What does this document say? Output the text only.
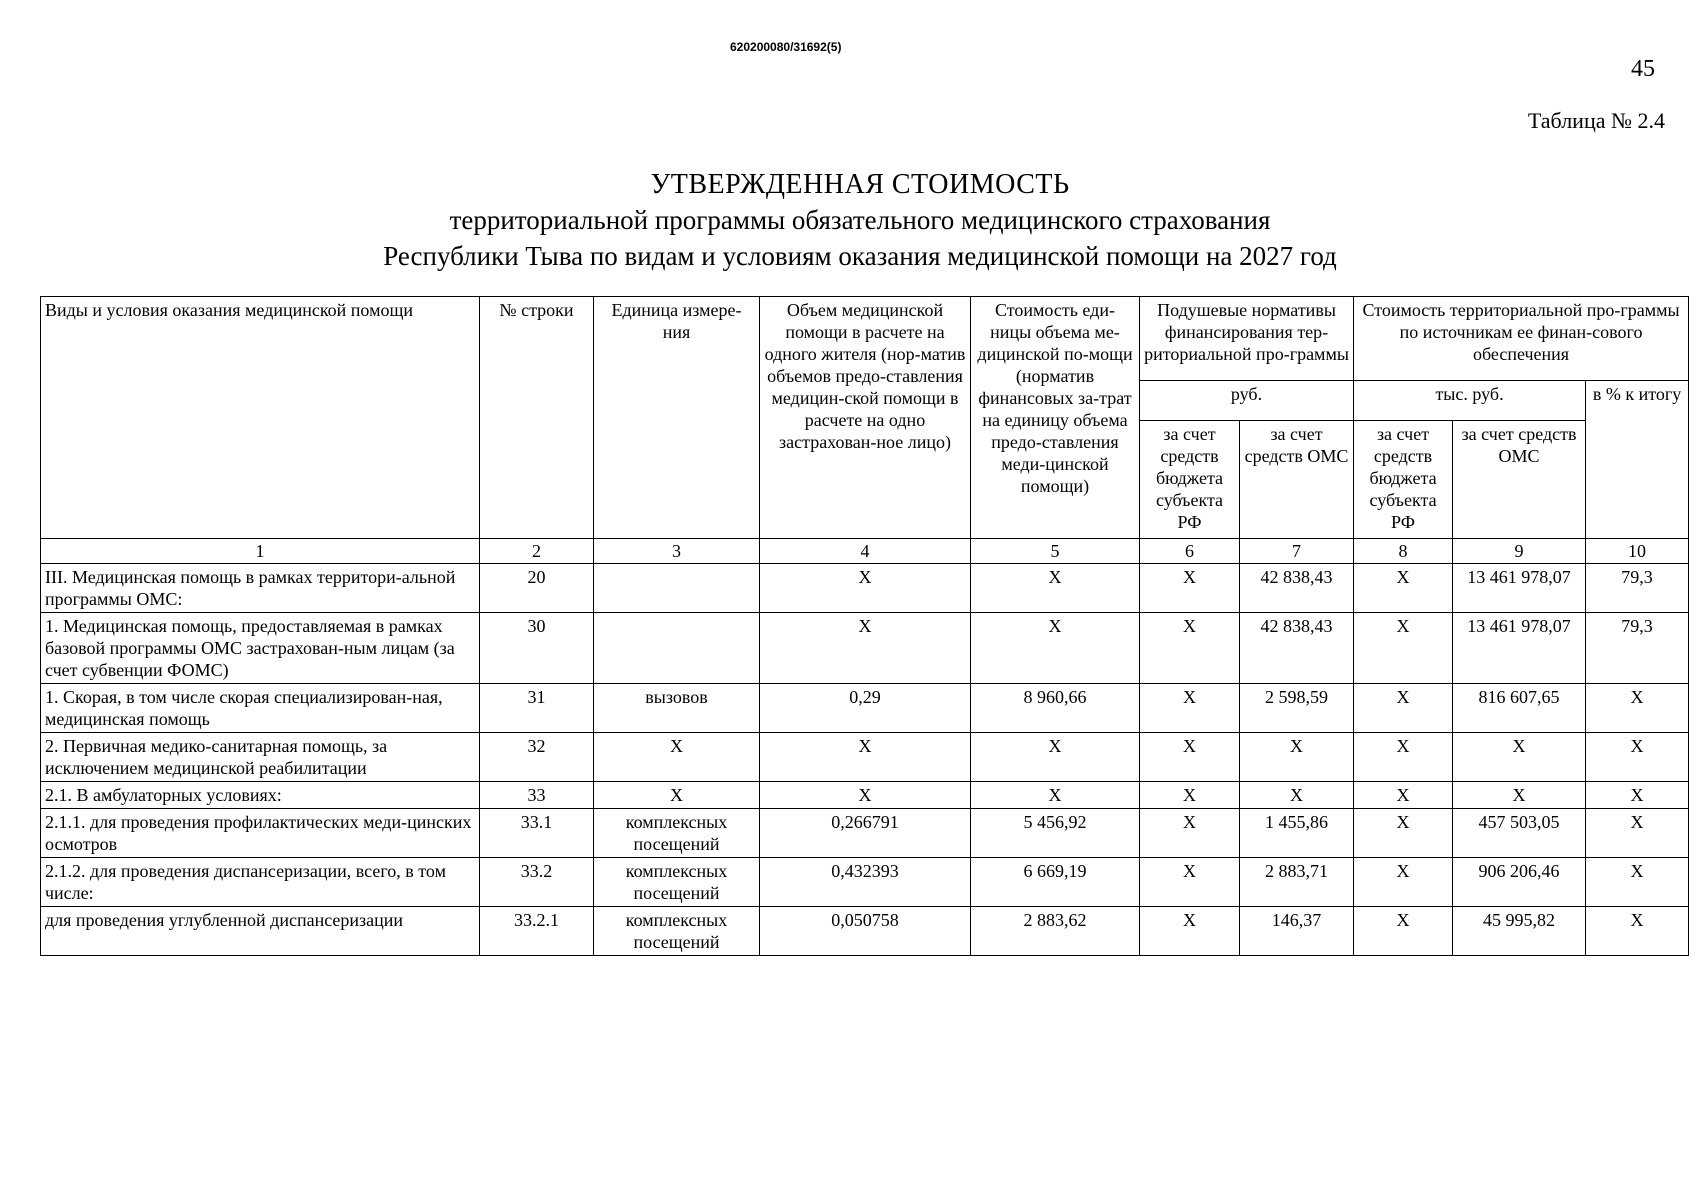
620200080/31692(5)
45
Таблица № 2.4
УТВЕРЖДЕННАЯ СТОИМОСТЬ
территориальной программы обязательного медицинского страхования
Республики Тыва по видам и условиям оказания медицинской помощи на 2027 год
Виды и условия оказания медицинской помощи	№ строки	Единица измере-ния	Объем медицинской помощи в расчете на одного жителя (нор-матив объемов предо-ставления медицин-ской помощи в расчете на одно застрахован-ное лицо)	Стоимость еди-ницы объема ме-дицинской по-мощи (норматив финансовых за-трат на единицу объема предо-ставления меди-цинской помощи)	Подушевые нормативы финансирования тер-риториальной про-граммы		Стоимость территориальной про-граммы по источникам ее финан-сового обеспечения		
					руб.		тыс. руб.		в % к итогу
					за счет средств бюджета субъекта РФ	за счет средств ОМС	за счет средств бюджета субъекта РФ	за счет средств ОМС	
1	2	3	4	5	6	7	8	9	10
III. Медицинская помощь в рамках территори-альной программы ОМС:	20		X	X	X	42 838,43	X	13 461 978,07	79,3
1. Медицинская помощь, предоставляемая в рамках базовой программы ОМС застрахован-ным лицам (за счет субвенции ФОМС)	30		X	X	X	42 838,43	X	13 461 978,07	79,3
1. Скорая, в том числе скорая специализирован-ная, медицинская помощь	31	вызовов	0,29	8 960,66	X	2 598,59	X	816 607,65	X
2. Первичная медико-санитарная помощь, за исключением медицинской реабилитации	32	X	X	X	X	X	X	X	X
2.1. В амбулаторных условиях:	33	X	X	X	X	X	X	X	X
2.1.1. для проведения профилактических меди-цинских осмотров	33.1	комплексных посещений	0,266791	5 456,92	X	1 455,86	X	457 503,05	X
2.1.2. для проведения диспансеризации, всего, в том числе:	33.2	комплексных посещений	0,432393	6 669,19	X	2 883,71	X	906 206,46	X
для проведения углубленной диспансеризации	33.2.1	комплексных посещений	0,050758	2 883,62	X	146,37	X	45 995,82	X
